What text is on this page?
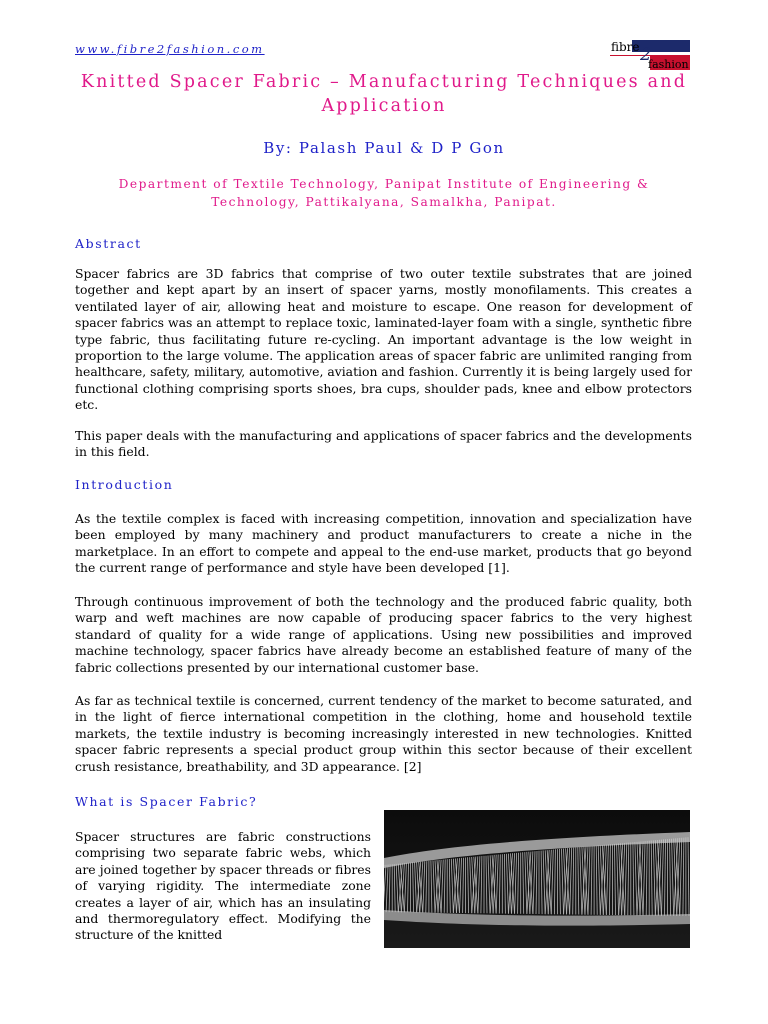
www.fibre2fashion.com	fibre 2
fashion
Knitted Spacer Fabric – Manufacturing Techniques and Application
By: Palash Paul & D P Gon
Department of Textile Technology, Panipat Institute of Engineering & Technology, Pattikalyana, Samalkha, Panipat.
Abstract

Spacer fabrics are 3D fabrics that comprise of two outer textile substrates that are joined together and kept apart by an insert of spacer yarns, mostly monofilaments. This creates a ventilated layer of air, allowing heat and moisture to escape. One reason for development of spacer fabrics was an attempt to replace toxic, laminated-layer foam with a single, synthetic fibre type fabric, thus facilitating future re-cycling. An important advantage is the low weight in proportion to the large volume. The application areas of spacer fabric are unlimited ranging from healthcare, safety, military, automotive, aviation and fashion. Currently it is being largely used for functional clothing comprising sports shoes, bra cups, shoulder pads, knee and elbow protectors etc.

This paper deals with the manufacturing and applications of spacer fabrics and the developments in this field.

Introduction

As the textile complex is faced with increasing competition, innovation and specialization have been employed by many machinery and product manufacturers to create a niche in the marketplace. In an effort to compete and appeal to the end-use market, products that go beyond the current range of performance and style have been developed [1].

Through continuous improvement of both the technology and the produced fabric quality, both warp and weft machines are now capable of producing spacer fabrics to the very highest standard of quality for a wide range of applications. Using new possibilities and improved machine technology, spacer fabrics have already become an established feature of many of the fabric collections presented by our international customer base.

As far as technical textile is concerned, current tendency of the market to become saturated, and in the light of fierce international competition in the clothing, home and household textile markets, the textile industry is becoming increasingly interested in new technologies. Knitted spacer fabric represents a special product group within this sector because of their excellent crush resistance, breathability, and 3D appearance. [2]

What is Spacer Fabric?

Spacer structures are fabric constructions comprising two separate fabric webs, which are joined together by spacer threads or fibres of varying rigidity. The intermediate zone creates a layer of air, which has an insulating and thermoregulatory effect. Modifying the structure of the knitted
